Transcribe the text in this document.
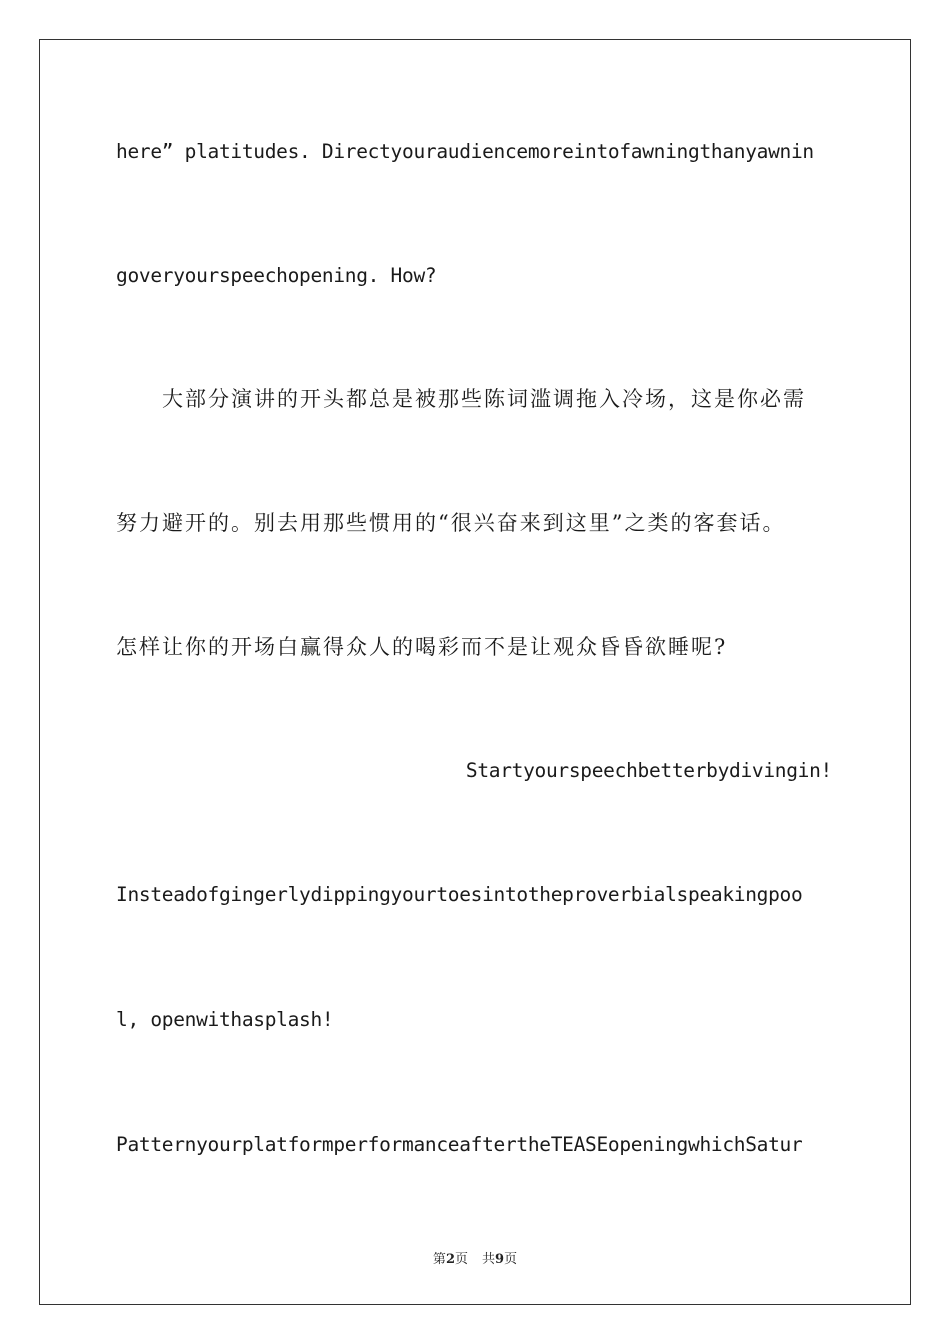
here” platitudes. Directyouraudiencemoreintofawningthanyawnin
goveryourspeechopening. How?
大部分演讲的开头都总是被那些陈词滥调拖入冷场，这是你必需
努力避开的。别去用那些惯用的“很兴奋来到这里”之类的客套话。
怎样让你的开场白赢得众人的喝彩而不是让观众昏昏欲睡呢?
Startyourspeechbetterbydivingin!
Insteadofgingerlydippingyourtoesintotheproverbialspeakingpoo
l, openwithasplash!
PatternyourplatformperformanceaftertheTEASEopeningwhichSatur
第2页 共9页
